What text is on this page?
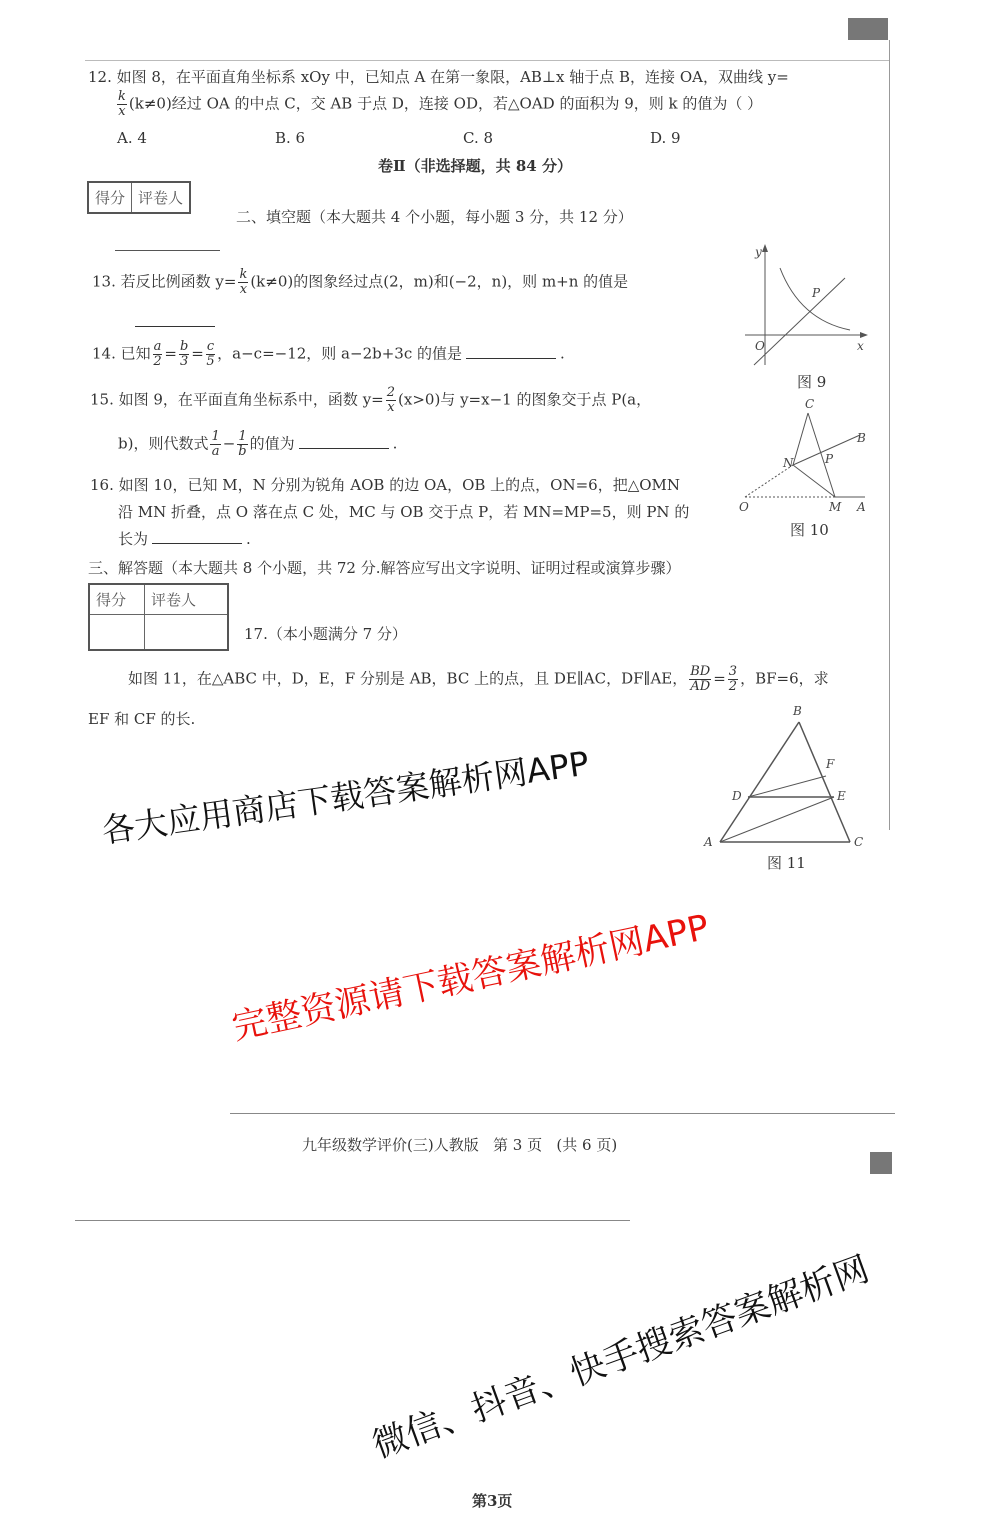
12. 如图 8，在平面直角坐标系 xOy 中，已知点 A 在第一象限，AB⊥x 轴于点 B，连接 OA，双曲线 y=
$\frac{k}{x} (k\ne 0)$经过 OA 的中点 C，交 AB 于点 D，连接 OD，若△OAD 的面积为 9，则 k 的值为（ ）
A. 4	B. 6	C. 8	D. 9
卷Ⅱ（非选择题，共 84 分）
得分	评卷人
二、填空题（本大题共 4 个小题，每小题 3 分，共 12 分）
13. 若反比例函数 $y= \frac{k}{x} (k\ne 0)$的图象经过点(2，m)和(−2，n)，则 m+n 的值是
14. 已知 $\frac{a}{2} = \frac{b}{3} = \frac{c}{5}$ ，a−c=−12，则 a−2b+3c 的值是	.
15. 如图 9，在平面直角坐标系中，函数 $y= \frac{2}{x} (x>0)$与 y=x−1 的图象交于点 P(a，
b)，则代数式 $\frac{1}{a} - \frac{1}{b}$ 的值为	.
16. 如图 10，已知 M，N 分别为锐角 AOB 的边 OA，OB 上的点，ON=6，把△OMN
沿 MN 折叠，点 O 落在点 C 处，MC 与 OB 交于点 P，若 MN=MP=5，则 PN 的
长为	.
三、解答题（本大题共 8 个小题，共 72 分.解答应写出文字说明、证明过程或演算步骤）
得分	评卷人

17.（本小题满分 7 分）
如图 11，在△ABC 中，D，E，F 分别是 AB，BC 上的点，且 DE∥AC，DF∥AE， $\frac{BD}{AD} = \frac{3}{2}$ ，BF=6，求
EF 和 CF 的长.
y
x
O
P
图 9
C
B
N	P
O	M A
图 10
B
F
D	E
A	C
图 11
九年级数学评价(三)人教版   第 3 页   (共 6 页)
第3页
各大应用商店下载答案解析网APP
完整资源请下载答案解析网APP
微信、抖音、快手搜索答案解析网
